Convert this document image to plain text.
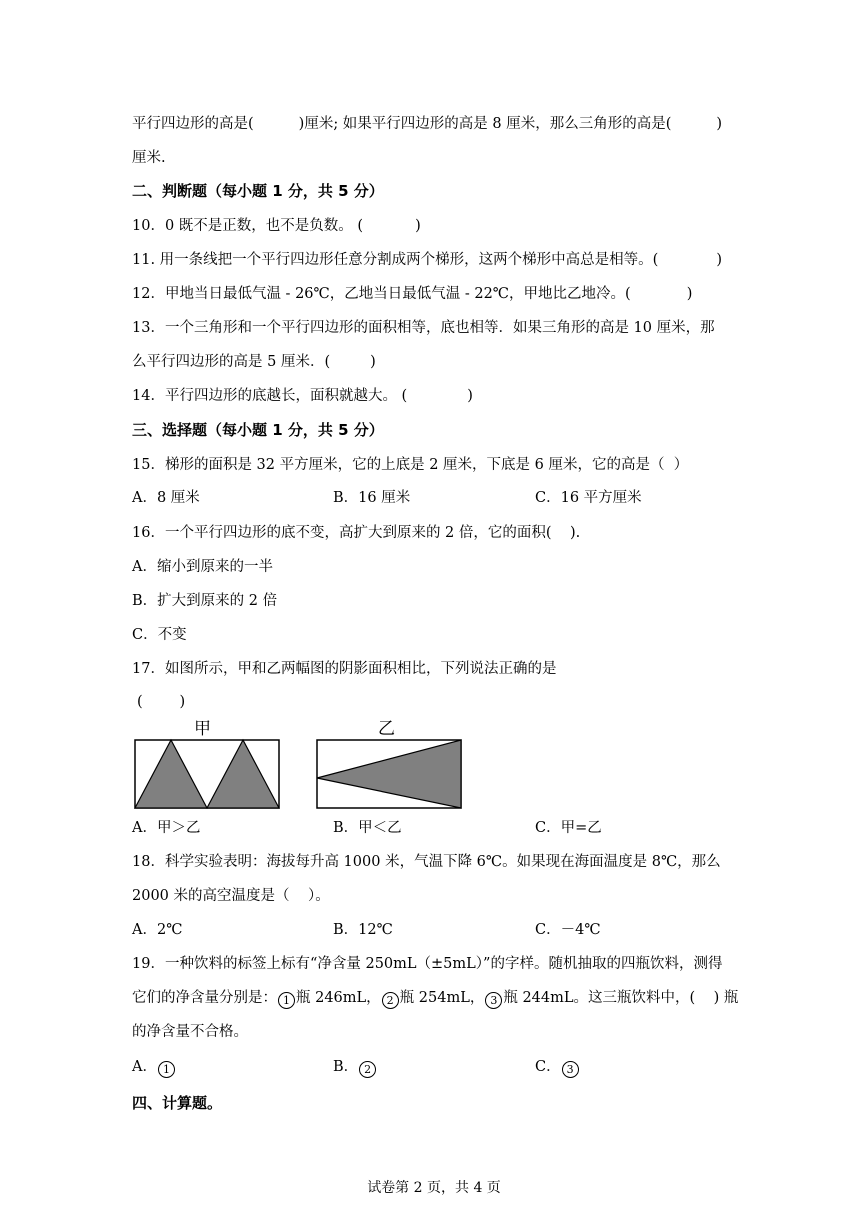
平行四边形的高是(	)厘米; 如果平行四边形的高是 8 厘米，那么三角形的高是(	)
厘米.
二、判断题（每小题 1 分，共 5 分）
10．0 既不是正数，也不是负数。 (	)
11. 用一条线把一个平行四边形任意分割成两个梯形，这两个梯形中高总是相等。(	)
12．甲地当日最低气温 - 26℃，乙地当日最低气温 - 22℃，甲地比乙地冷。(	)
13．一个三角形和一个平行四边形的面积相等，底也相等．如果三角形的高是 10 厘米，那
么平行四边形的高是 5 厘米．(	)
14．平行四边形的底越长，面积就越大。 (	)
三、选择题（每小题 1 分，共 5 分）
15．梯形的面积是 32 平方厘米，它的上底是 2 厘米，下底是 6 厘米，它的高是（  ）
A．8 厘米	B．16 厘米	C．16 平方厘米
16．一个平行四边形的底不变，高扩大到原来的 2 倍，它的面积(    ).
A．缩小到原来的一半
B．扩大到原来的 2 倍
C．不变
17．如图所示，甲和乙两幅图的阴影面积相比，下列说法正确的是
(        )
甲	乙
A．甲＞乙	B．甲＜乙	C．甲=乙
18．科学实验表明：海拔每升高 1000 米，气温下降 6℃。如果现在海面温度是 8℃，那么
2000 米的高空温度是（    ）。
A．2℃	B．12℃	C．－4℃
19．一种饮料的标签上标有“净含量 250mL（±5mL）”的字样。随机抽取的四瓶饮料，测得
它们的净含量分别是： 1 瓶 246mL， 2 瓶 254mL， 3 瓶 244mL。这三瓶饮料中，(    ) 瓶
的净含量不合格。
A． 1	B． 2	C． 3
四、计算题。
试卷第 2 页，共 4 页
